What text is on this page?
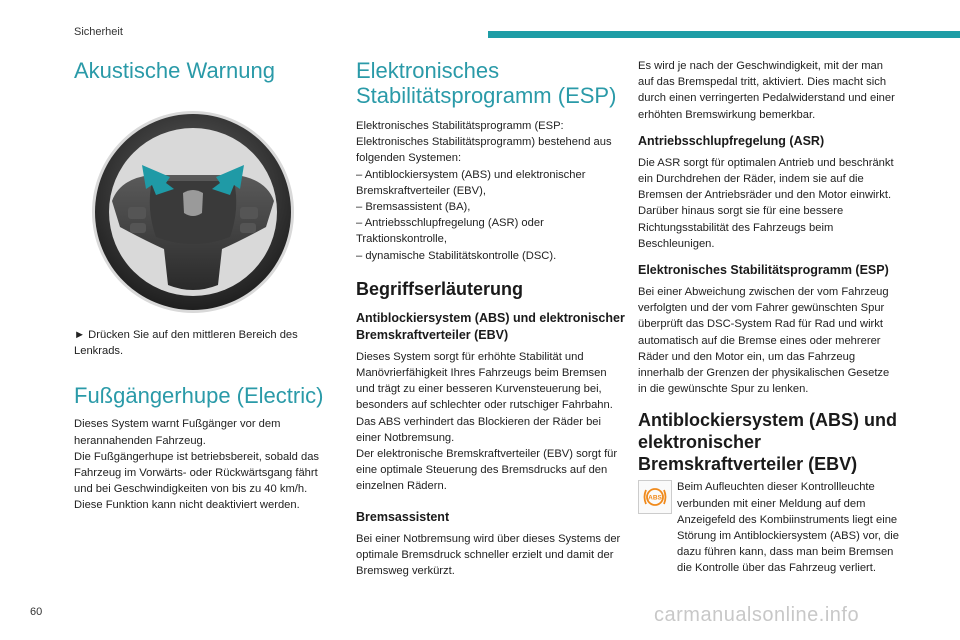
Sicherheit
Akustische Warnung

► Drücken Sie auf den mittleren Bereich des Lenkrads.

Fußgängerhupe (Electric)

Dieses System warnt Fußgänger vor dem herannahenden Fahrzeug.

Die Fußgängerhupe ist betriebsbereit, sobald das Fahrzeug im Vorwärts- oder Rückwärtsgang fährt und bei Geschwindigkeiten von bis zu 40 km/h.

Diese Funktion kann nicht deaktiviert werden.

Elektronisches Stabilitätsprogramm (ESP)

Elektronisches Stabilitätsprogramm (ESP: Elektronisches Stabilitätsprogramm) bestehend aus folgenden Systemen:

– Antiblockiersystem (ABS) und elektronischer Bremskraftverteiler (EBV),
– Bremsassistent (BA),
– Antriebsschlupfregelung (ASR) oder Traktionskontrolle,
– dynamische Stabilitätskontrolle (DSC).
Begriffserläuterung
Antiblockiersystem (ABS) und elektronischer Bremskraftverteiler (EBV)

Dieses System sorgt für erhöhte Stabilität und Manövrierfähigkeit Ihres Fahrzeugs beim Bremsen und trägt zu einer besseren Kurvensteuerung bei, besonders auf schlechter oder rutschiger Fahrbahn.

Das ABS verhindert das Blockieren der Räder bei einer Notbremsung.

Der elektronische Bremskraftverteiler (EBV) sorgt für eine optimale Steuerung des Bremsdrucks auf den einzelnen Rädern.

Bremsassistent

Bei einer Notbremsung wird über dieses Systems der optimale Bremsdruck schneller erzielt und damit der Bremsweg verkürzt.

Es wird je nach der Geschwindigkeit, mit der man auf das Bremspedal tritt, aktiviert. Dies macht sich durch einen verringerten Pedalwiderstand und einer erhöhten Bremswirkung bemerkbar.

Antriebsschlupfregelung (ASR)

Die ASR sorgt für optimalen Antrieb und beschränkt ein Durchdrehen der Räder, indem sie auf die Bremsen der Antriebsräder und den Motor einwirkt. Darüber hinaus sorgt sie für eine bessere Richtungsstabilität des Fahrzeugs beim Beschleunigen.

Elektronisches Stabilitätsprogramm (ESP)

Bei einer Abweichung zwischen der vom Fahrzeug verfolgten und der vom Fahrer gewünschten Spur überprüft das DSC-System Rad für Rad und wirkt automatisch auf die Bremse eines oder mehrerer Räder und den Motor ein, um das Fahrzeug innerhalb der Grenzen der physikalischen Gesetze in die gewünschte Spur zu lenken.

Antiblockiersystem (ABS) und elektronischer Bremskraftverteiler (EBV)
ABS

Beim Aufleuchten dieser Kontrollleuchte verbunden mit einer Meldung auf dem Anzeigefeld des Kombiinstruments liegt eine Störung im Antiblockiersystem (ABS) vor, die dazu führen kann, dass man beim Bremsen die Kontrolle über das Fahrzeug verliert.

60	carmanualsonline.info
